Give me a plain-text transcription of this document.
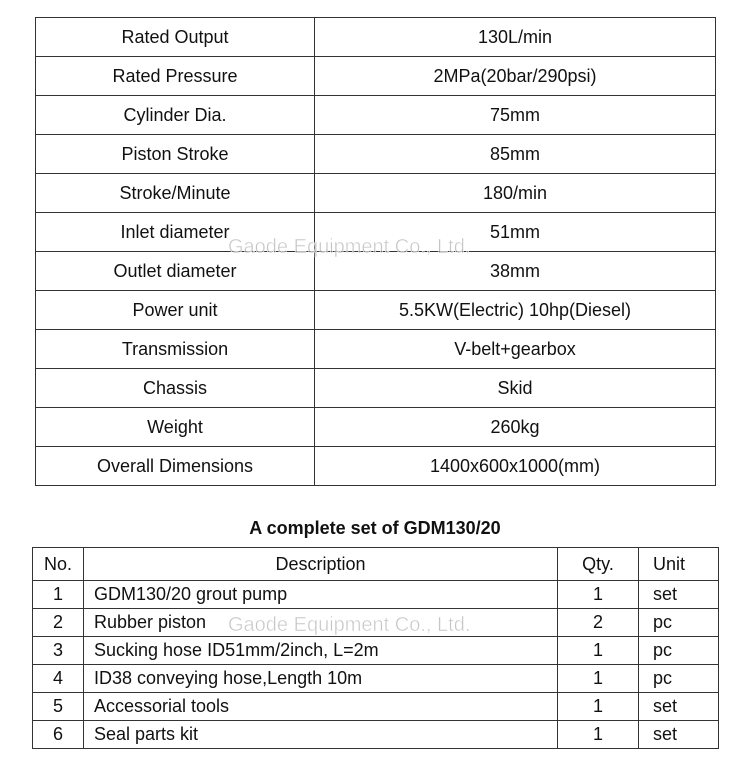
Rated Output	130L/min
Rated Pressure	2MPa(20bar/290psi)
Cylinder Dia.	75mm
Piston Stroke	85mm
Stroke/Minute	180/min
Inlet diameter	51mm
Outlet diameter	38mm
Power unit	5.5KW(Electric) 10hp(Diesel)
Transmission	V-belt+gearbox
Chassis	Skid
Weight	260kg
Overall Dimensions	1400x600x1000(mm)
A complete set of GDM130/20
No.	Description	Qty.	Unit
1	GDM130/20 grout pump	1	set
2	Rubber piston	2	pc
3	Sucking hose ID51mm/2inch, L=2m	1	pc
4	ID38 conveying hose,Length 10m	1	pc
5	Accessorial tools	1	set
6	Seal parts kit	1	set
Gaode Equipment Co., Ltd.
Gaode Equipment Co., Ltd.
